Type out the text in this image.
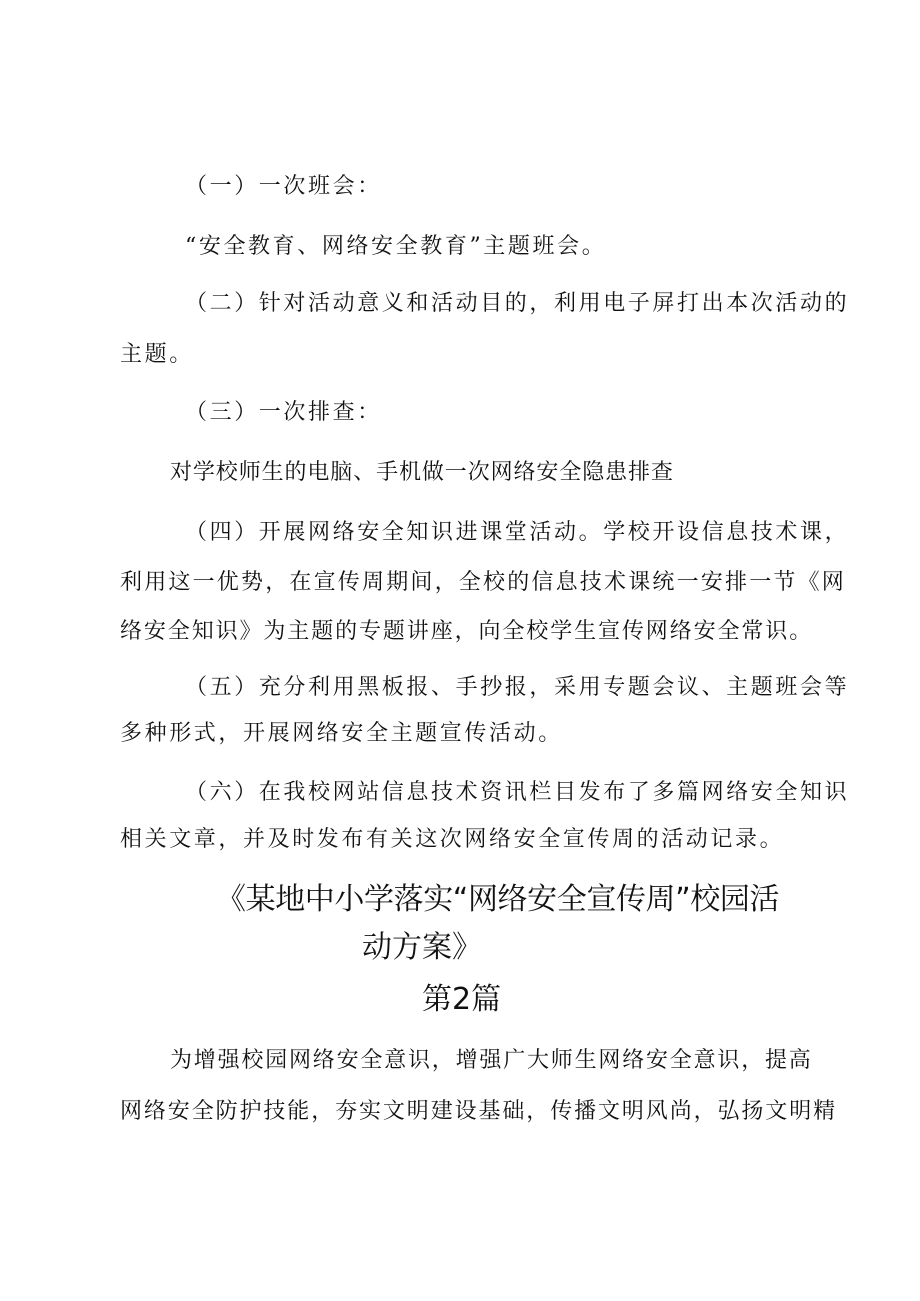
（一）一次班会：
“安全教育、网络安全教育”主题班会。
（二）针对活动意义和活动目的，利用电子屏打出本次活动的
主题。
（三）一次排查：
对学校师生的电脑、手机做一次网络安全隐患排查
（四）开展网络安全知识进课堂活动。学校开设信息技术课，
利用这一优势，在宣传周期间，全校的信息技术课统一安排一节《网
络安全知识》为主题的专题讲座，向全校学生宣传网络安全常识。
（五）充分利用黑板报、手抄报，采用专题会议、主题班会等
多种形式，开展网络安全主题宣传活动。
（六）在我校网站信息技术资讯栏目发布了多篇网络安全知识
相关文章，并及时发布有关这次网络安全宣传周的活动记录。
《某地中小学落实“网络安全宣传周”校园活
动方案》
第2篇
为增强校园网络安全意识，增强广大师生网络安全意识，提高
网络安全防护技能，夯实文明建设基础，传播文明风尚，弘扬文明精
